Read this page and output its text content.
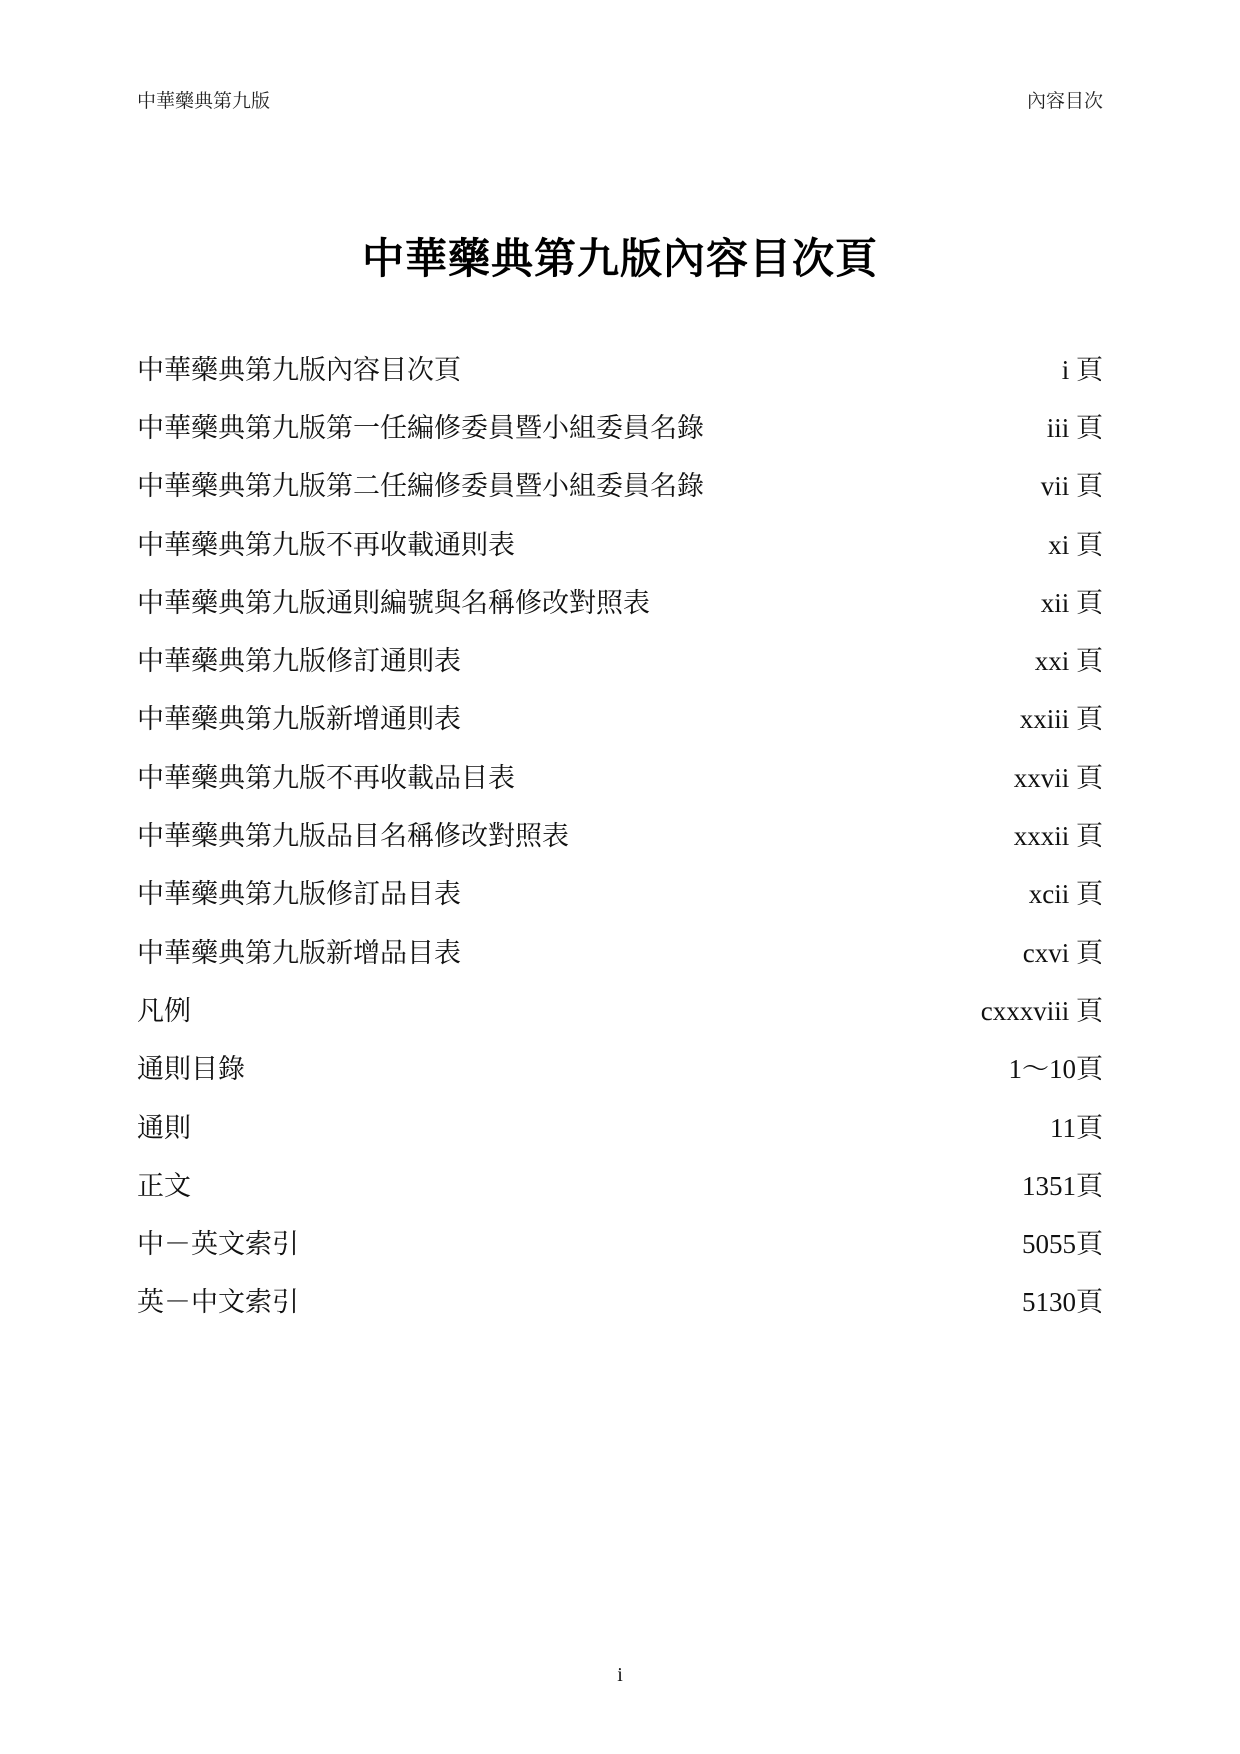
中華藥典第九版	內容目次
中華藥典第九版內容目次頁
中華藥典第九版內容目次頁	i 頁
中華藥典第九版第一任編修委員暨小組委員名錄	iii 頁
中華藥典第九版第二任編修委員暨小組委員名錄	vii 頁
中華藥典第九版不再收載通則表	xi 頁
中華藥典第九版通則編號與名稱修改對照表	xii 頁
中華藥典第九版修訂通則表	xxi 頁
中華藥典第九版新增通則表	xxiii 頁
中華藥典第九版不再收載品目表	xxvii 頁
中華藥典第九版品目名稱修改對照表	xxxii 頁
中華藥典第九版修訂品目表	xcii 頁
中華藥典第九版新增品目表	cxvi 頁
凡例	cxxxviii 頁
通則目錄	1～10頁
通則	11頁
正文	1351頁
中－英文索引	5055頁
英－中文索引	5130頁
i
